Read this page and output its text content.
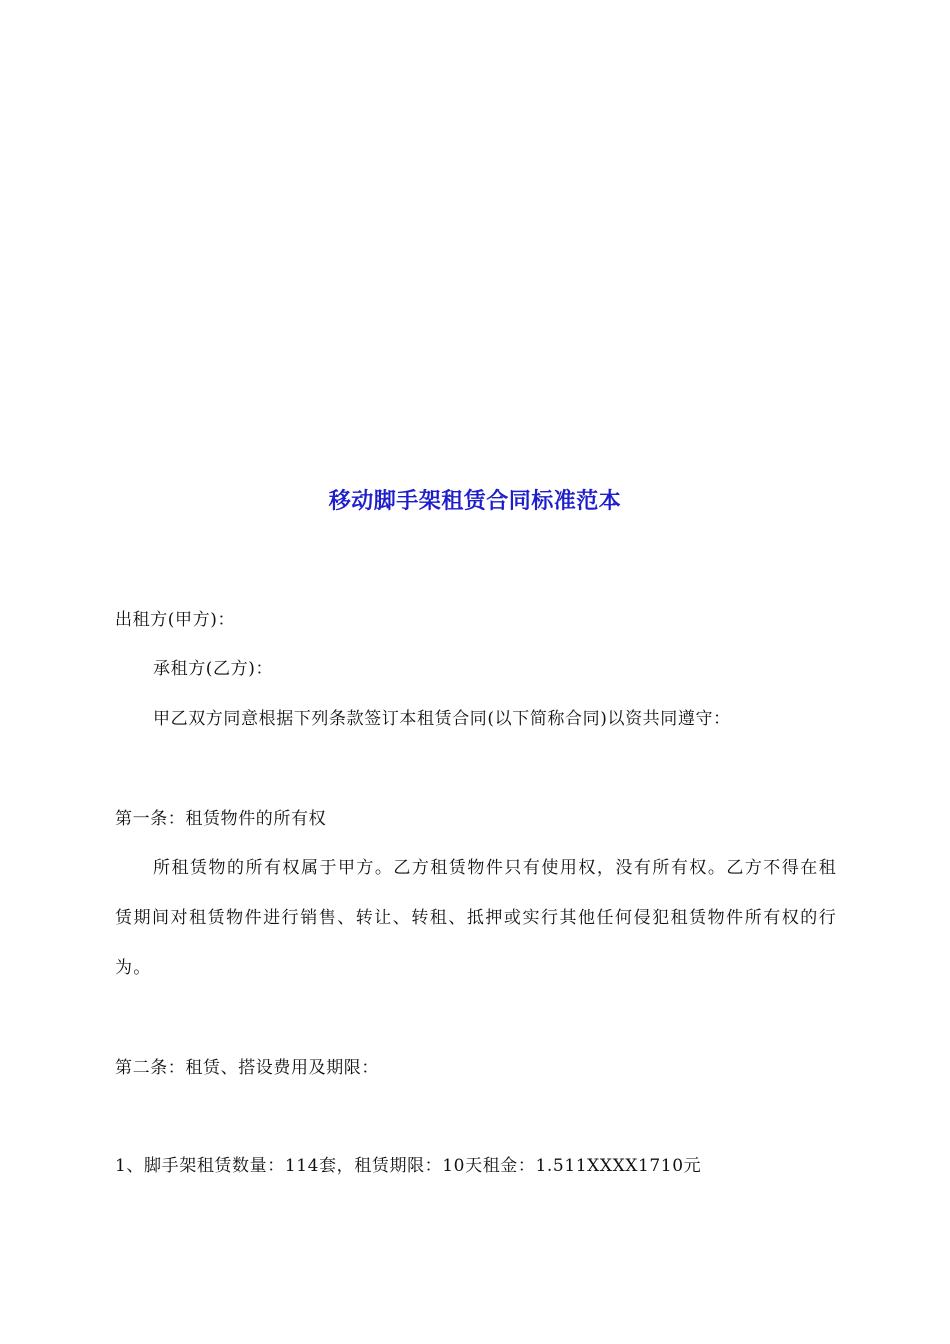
移动脚手架租赁合同标准范本
出租方(甲方)：
承租方(乙方)：
甲乙双方同意根据下列条款签订本租赁合同(以下简称合同)以资共同遵守：
第一条：租赁物件的所有权
所租赁物的所有权属于甲方。乙方租赁物件只有使用权，没有所有权。乙方不得在租赁期间对租赁物件进行销售、转让、转租、抵押或实行其他任何侵犯租赁物件所有权的行为。
第二条：租赁、搭设费用及期限：
1、脚手架租赁数量：114套，租赁期限：10天租金：1.511XXXX1710元
